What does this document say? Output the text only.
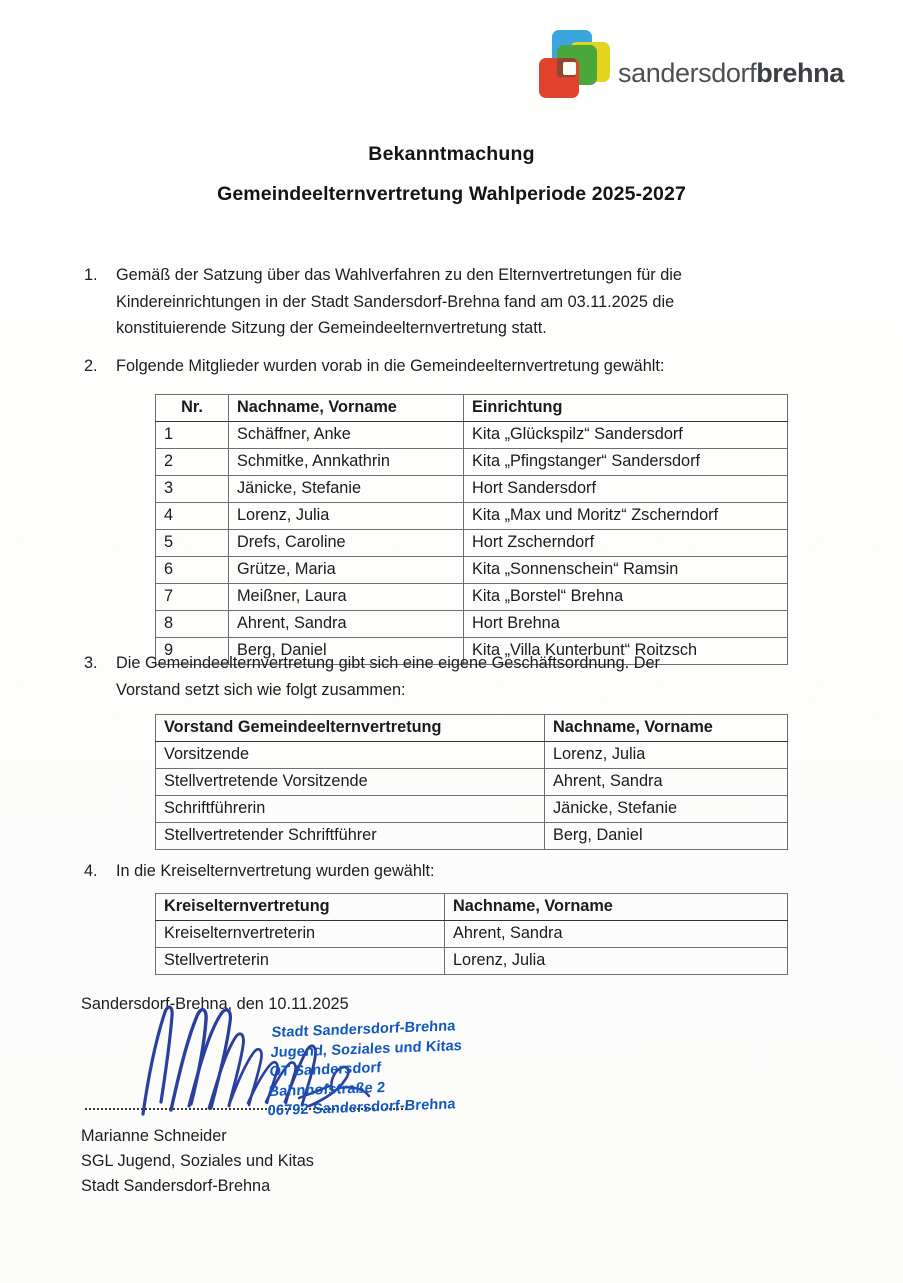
sandersdorfbrehna
Bekanntmachung
Gemeindeelternvertretung Wahlperiode 2025-2027
1.	Gemäß der Satzung über das Wahlverfahren zu den Elternvertretungen für die Kindereinrichtungen in der Stadt Sandersdorf-Brehna fand am 03.11.2025 die konstituierende Sitzung der Gemeindeelternvertretung statt.
2.	Folgende Mitglieder wurden vorab in die Gemeindeelternvertretung gewählt:
Nr.	Nachname, Vorname	Einrichtung
1	Schäffner, Anke	Kita „Glückspilz“ Sandersdorf
2	Schmitke, Annkathrin	Kita „Pfingstanger“ Sandersdorf
3	Jänicke, Stefanie	Hort Sandersdorf
4	Lorenz, Julia	Kita „Max und Moritz“ Zscherndorf
5	Drefs, Caroline	Hort Zscherndorf
6	Grütze, Maria	Kita „Sonnenschein“ Ramsin
7	Meißner, Laura	Kita „Borstel“ Brehna
8	Ahrent, Sandra	Hort Brehna
9	Berg, Daniel	Kita „Villa Kunterbunt“ Roitzsch
3.	Die Gemeindeelternvertretung gibt sich eine eigene Geschäftsordnung. Der Vorstand setzt sich wie folgt zusammen:
Vorstand Gemeindeelternvertretung	Nachname, Vorname
Vorsitzende	Lorenz, Julia
Stellvertretende Vorsitzende	Ahrent, Sandra
Schriftführerin	Jänicke, Stefanie
Stellvertretender Schriftführer	Berg, Daniel
4.	In die Kreiselternvertretung wurden gewählt:
Kreiselternvertretung	Nachname, Vorname
Kreiselternvertreterin	Ahrent, Sandra
Stellvertreterin	Lorenz, Julia
Sandersdorf-Brehna, den 10.11.2025
Stadt Sandersdorf-Brehna
Jugend, Soziales und Kitas
OT Sandersdorf
Bahnhofstraße 2
06792 Sandersdorf-Brehna
Marianne Schneider
SGL Jugend, Soziales und Kitas
Stadt Sandersdorf-Brehna
